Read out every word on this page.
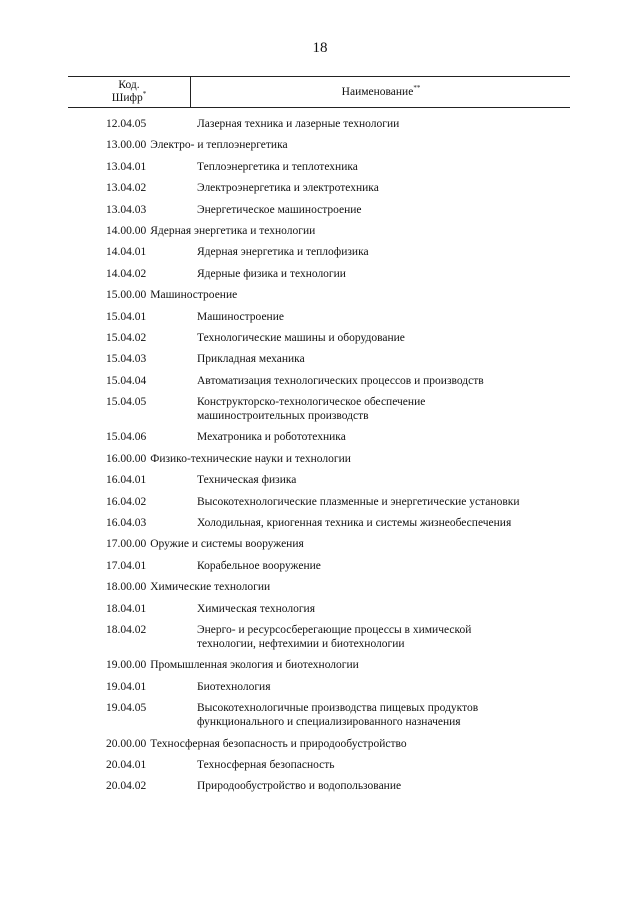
18
Код.
Шифр*	Наименование**
12.04.05	Лазерная техника и лазерные технологии
13.00.00 Электро- и теплоэнергетика
13.04.01	Теплоэнергетика и теплотехника
13.04.02	Электроэнергетика и электротехника
13.04.03	Энергетическое машиностроение
14.00.00 Ядерная энергетика и технологии
14.04.01	Ядерная энергетика и теплофизика
14.04.02	Ядерные физика и технологии
15.00.00 Машиностроение
15.04.01	Машиностроение
15.04.02	Технологические машины и оборудование
15.04.03	Прикладная механика
15.04.04	Автоматизация технологических процессов и производств
15.04.05	Конструкторско-технологическое обеспечение
машиностроительных производств
15.04.06	Мехатроника и робототехника
16.00.00 Физико-технические науки и технологии
16.04.01	Техническая физика
16.04.02	Высокотехнологические плазменные и энергетические установки
16.04.03	Холодильная, криогенная техника и системы жизнеобеспечения
17.00.00 Оружие и системы вооружения
17.04.01	Корабельное вооружение
18.00.00 Химические технологии
18.04.01	Химическая технология
18.04.02	Энерго- и ресурсосберегающие процессы в химической
технологии, нефтехимии и биотехнологии
19.00.00 Промышленная экология и биотехнологии
19.04.01	Биотехнология
19.04.05	Высокотехнологичные производства пищевых продуктов
функционального и специализированного назначения
20.00.00 Техносферная безопасность и природообустройство
20.04.01	Техносферная безопасность
20.04.02	Природообустройство и водопользование
